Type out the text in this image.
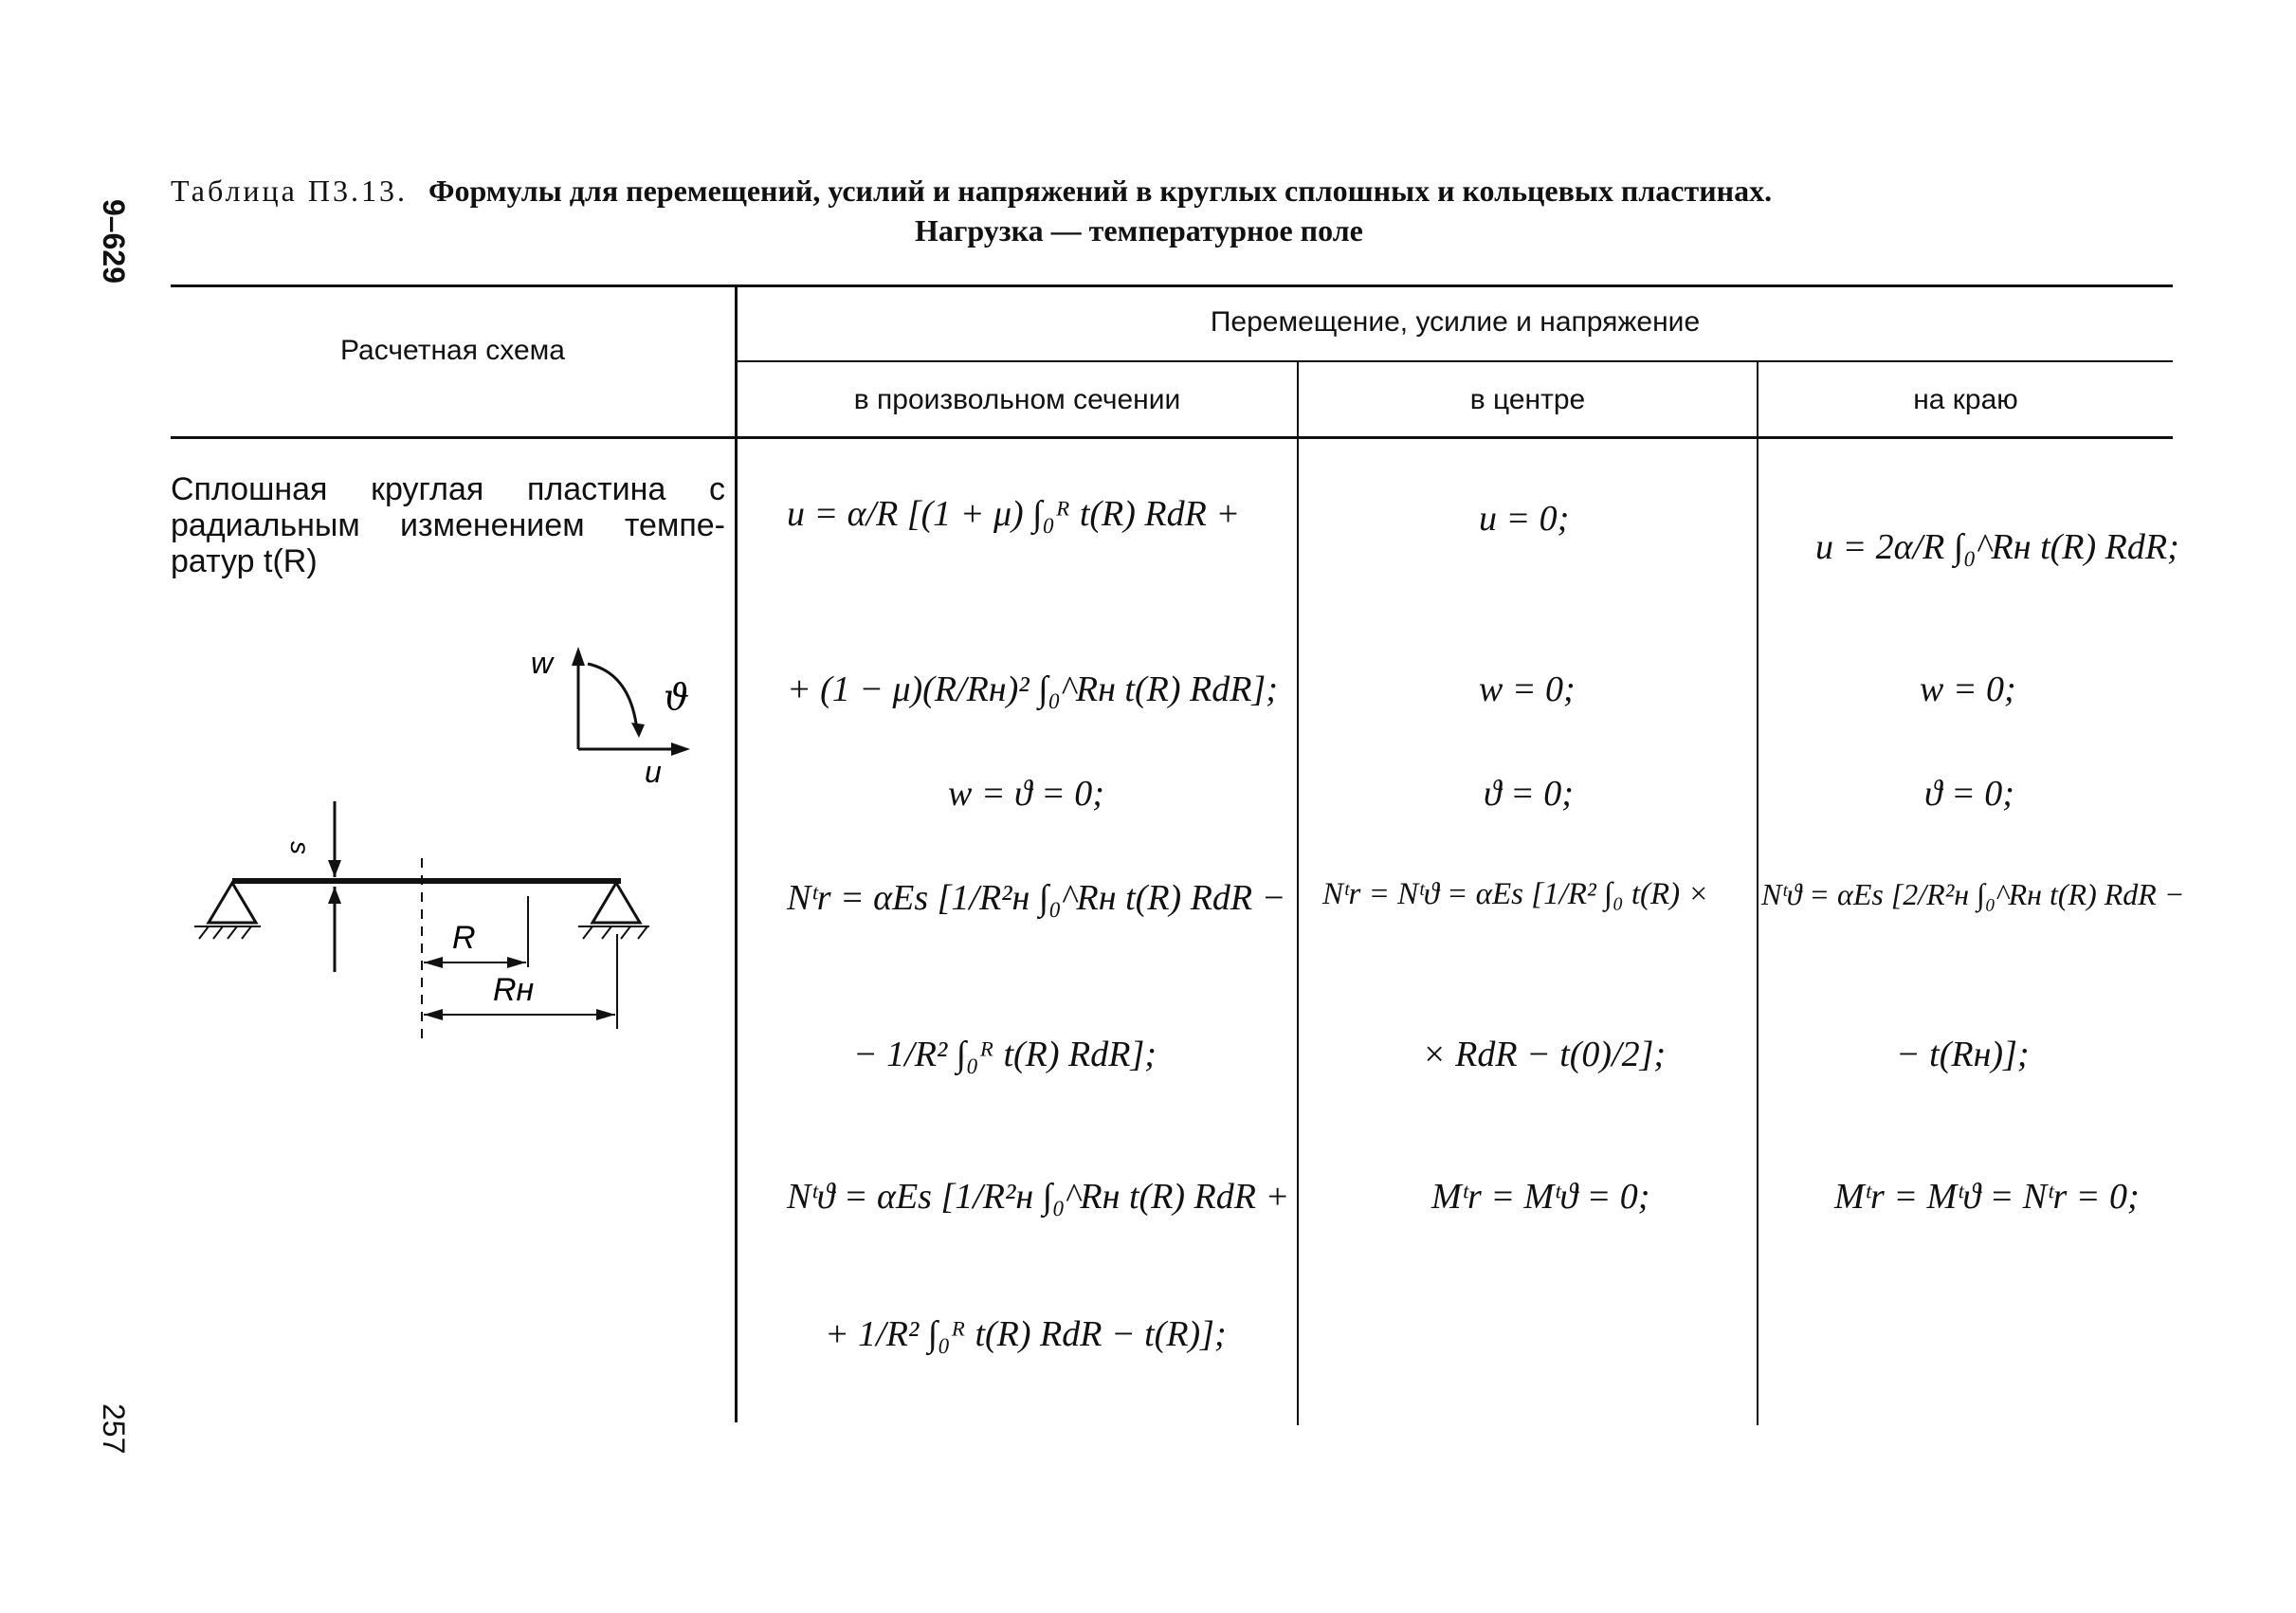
9–629
257
Таблица П3.13. Формулы для перемещений, усилий и напряжений в круглых сплошных и кольцевых пластинах.
Нагрузка — температурное поле
Расчетная схема
Перемещение, усилие и напряжение
в произвольном сечении	в центре	на краю
Сплошная круглая пластина с радиальным изменением температур t(R)
w
ϑ
u
s
R
Rн
u = α/R [(1 + μ) ∫₀ᴿ t(R) RdR +
+ (1 − μ)(R/Rн)² ∫₀^Rн t(R) RdR];
w = ϑ = 0;
Nᵗr = αEs [1/R²н ∫₀^Rн t(R) RdR −
− 1/R² ∫₀ᴿ t(R) RdR];
Nᵗϑ = αEs [1/R²н ∫₀^Rн t(R) RdR +
+ 1/R² ∫₀ᴿ t(R) RdR − t(R)];
u = 0;
w = 0;
ϑ = 0;
Nᵗr = Nᵗϑ = αEs [1/R² ∫₀ t(R) ×
× RdR − t(0)/2];
Mᵗr = Mᵗϑ = 0;
u = 2α/R ∫₀^Rн t(R) RdR;
w = 0;
ϑ = 0;
Nᵗϑ = αEs [2/R²н ∫₀^Rн t(R) RdR −
− t(Rн)];
Mᵗr = Mᵗϑ = Nᵗr = 0;
